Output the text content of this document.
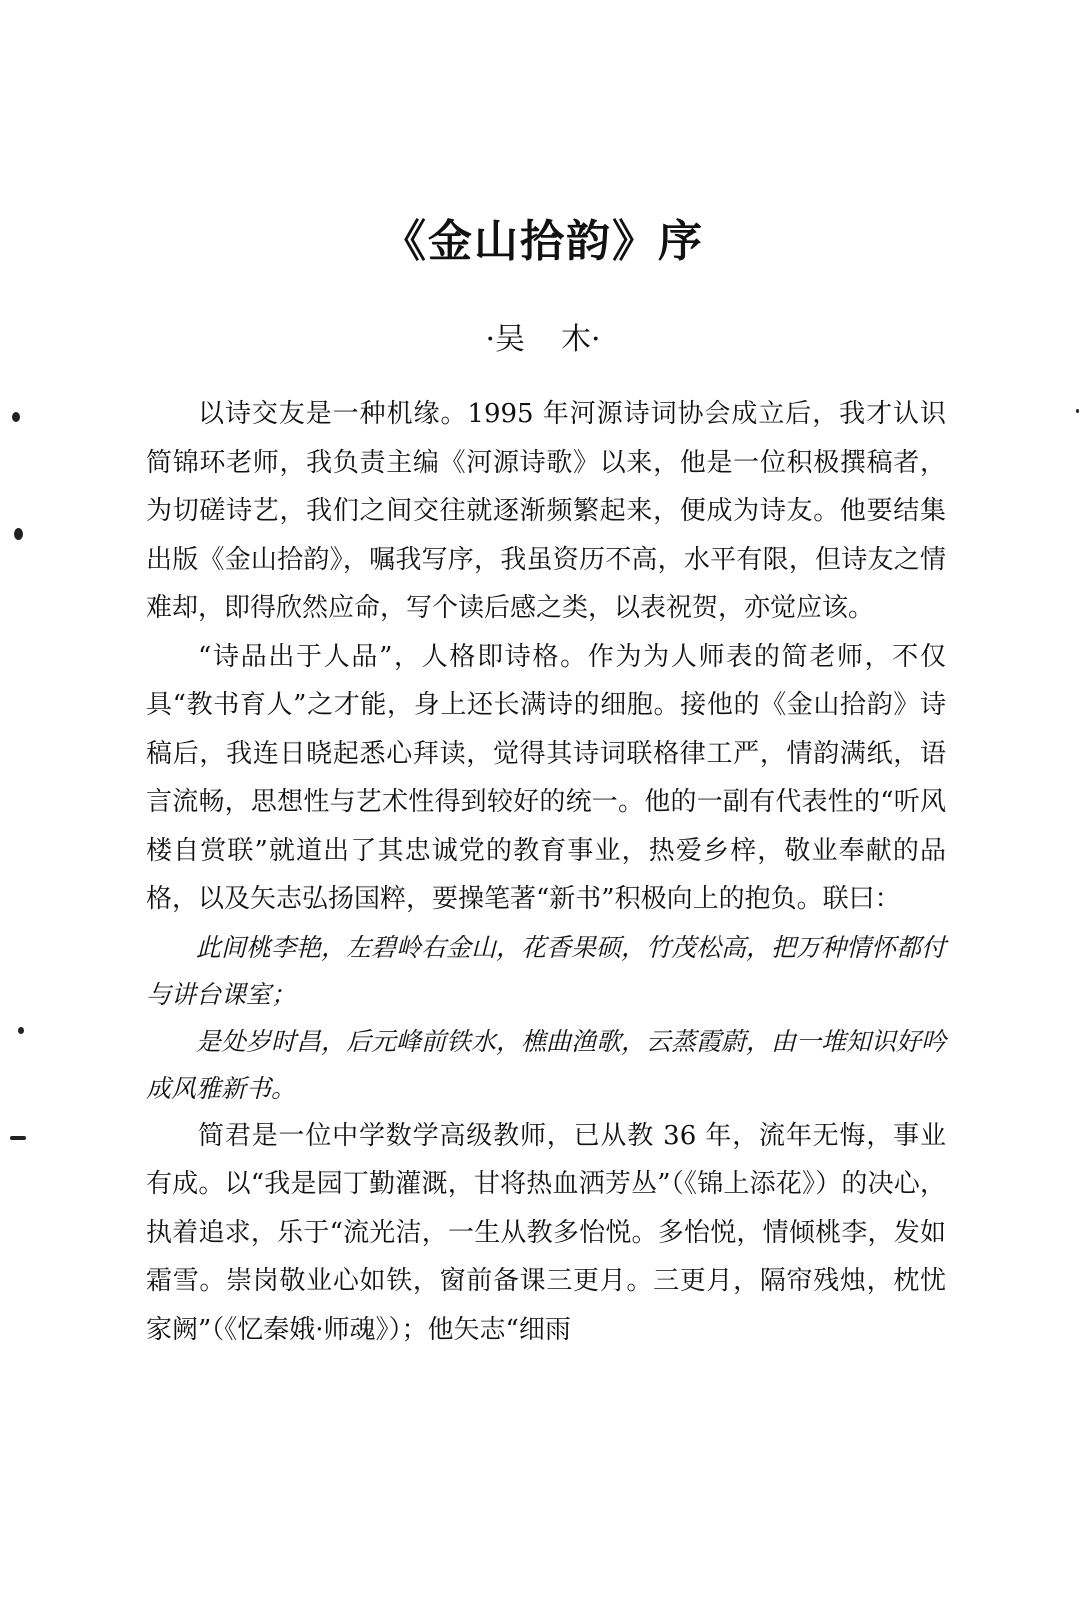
《金山拾韵》序
·吴 木·

以诗交友是一种机缘。1995 年河源诗词协会成立后，我才认识简锦环老师，我负责主编《河源诗歌》以来，他是一位积极撰稿者，为切磋诗艺，我们之间交往就逐渐频繁起来，便成为诗友。他要结集出版《金山拾韵》，嘱我写序，我虽资历不高，水平有限，但诗友之情难却，即得欣然应命，写个读后感之类，以表祝贺，亦觉应该。

“诗品出于人品”，人格即诗格。作为为人师表的简老师，不仅具“教书育人”之才能，身上还长满诗的细胞。接他的《金山拾韵》诗稿后，我连日晓起悉心拜读，觉得其诗词联格律工严，情韵满纸，语言流畅，思想性与艺术性得到较好的统一。他的一副有代表性的“听风楼自赏联”就道出了其忠诚党的教育事业，热爱乡梓，敬业奉献的品格，以及矢志弘扬国粹，要操笔著“新书”积极向上的抱负。联曰：

此间桃李艳，左碧岭右金山，花香果硕，竹茂松高，把万种情怀都付与讲台课室；

是处岁时昌，后元峰前铁水，樵曲渔歌，云蒸霞蔚，由一堆知识好吟成风雅新书。

简君是一位中学数学高级教师，已从教 36 年，流年无悔，事业有成。以“我是园丁勤灌溉，甘将热血洒芳丛”（《锦上添花》）的决心，执着追求，乐于“流光洁，一生从教多怡悦。多怡悦，情倾桃李，发如霜雪。崇岗敬业心如铁，窗前备课三更月。三更月，隔帘残烛，枕忧家阙”（《忆秦娥·师魂》）；他矢志“细雨
